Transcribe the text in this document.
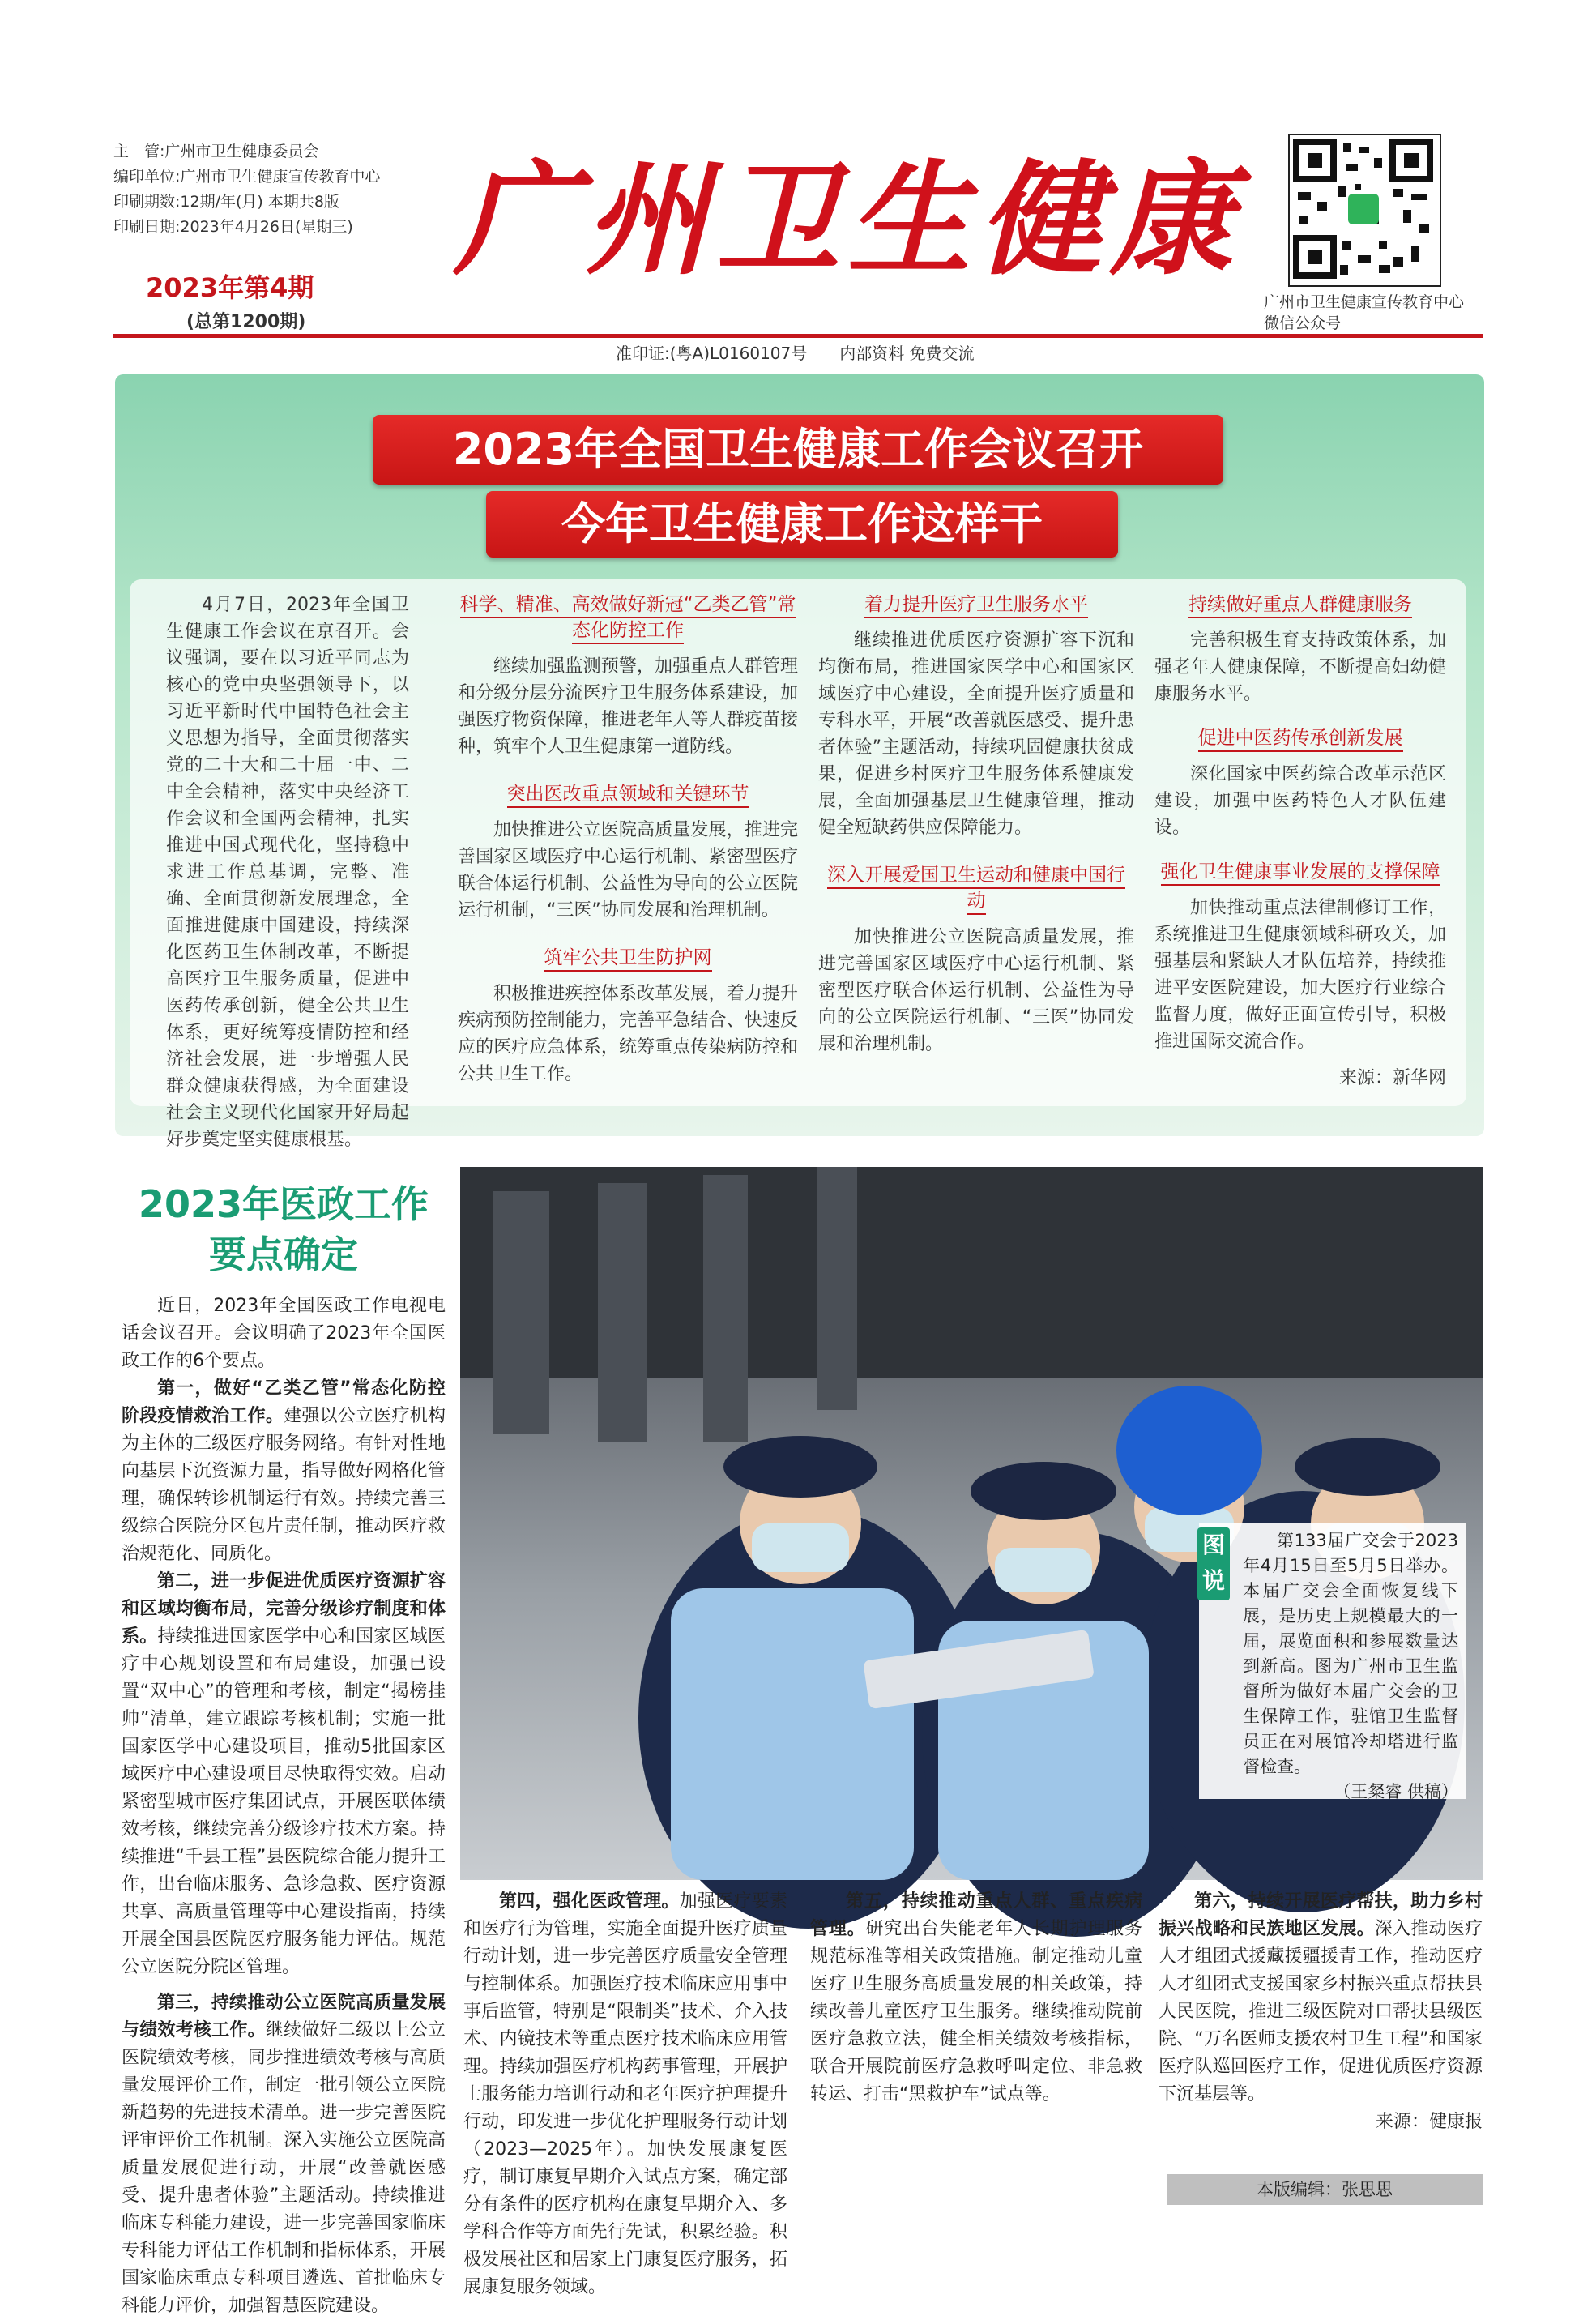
主　管:广州市卫生健康委员会
编印单位:广州市卫生健康宣传教育中心
印刷期数:12期/年(月) 本期共8版
印刷日期:2023年4月26日(星期三)
2023年第4期
(总第1200期)
广州卫生健康
广州市卫生健康宣传教育中心微信公众号
准印证:(粤A)L0160107号　　内部资料 免费交流
2023年全国卫生健康工作会议召开
今年卫生健康工作这样干

4月7日，2023年全国卫生健康工作会议在京召开。会议强调，要在以习近平同志为核心的党中央坚强领导下，以习近平新时代中国特色社会主义思想为指导，全面贯彻落实党的二十大和二十届一中、二中全会精神，落实中央经济工作会议和全国两会精神，扎实推进中国式现代化，坚持稳中求进工作总基调，完整、准确、全面贯彻新发展理念，全面推进健康中国建设，持续深化医药卫生体制改革，不断提高医疗卫生服务质量，促进中医药传承创新，健全公共卫生体系，更好统筹疫情防控和经济社会发展，进一步增强人民群众健康获得感，为全面建设社会主义现代化国家开好局起好步奠定坚实健康根基。

科学、精准、高效做好新冠“乙类乙管”常态化防控工作

继续加强监测预警，加强重点人群管理和分级分层分流医疗卫生服务体系建设，加强医疗物资保障，推进老年人等人群疫苗接种，筑牢个人卫生健康第一道防线。

突出医改重点领域和关键环节

加快推进公立医院高质量发展，推进完善国家区域医疗中心运行机制、紧密型医疗联合体运行机制、公益性为导向的公立医院运行机制，“三医”协同发展和治理机制。

筑牢公共卫生防护网

积极推进疾控体系改革发展，着力提升疾病预防控制能力，完善平急结合、快速反应的医疗应急体系，统筹重点传染病防控和公共卫生工作。

着力提升医疗卫生服务水平

继续推进优质医疗资源扩容下沉和均衡布局，推进国家医学中心和国家区域医疗中心建设，全面提升医疗质量和专科水平，开展“改善就医感受、提升患者体验”主题活动，持续巩固健康扶贫成果，促进乡村医疗卫生服务体系健康发展，全面加强基层卫生健康管理，推动健全短缺药供应保障能力。

深入开展爱国卫生运动和健康中国行动

加快推进公立医院高质量发展，推进完善国家区域医疗中心运行机制、紧密型医疗联合体运行机制、公益性为导向的公立医院运行机制、“三医”协同发展和治理机制。

持续做好重点人群健康服务

完善积极生育支持政策体系，加强老年人健康保障，不断提高妇幼健康服务水平。

促进中医药传承创新发展

深化国家中医药综合改革示范区建设，加强中医药特色人才队伍建设。

强化卫生健康事业发展的支撑保障

加快推动重点法律制修订工作，系统推进卫生健康领域科研攻关，加强基层和紧缺人才队伍培养，持续推进平安医院建设，加大医疗行业综合监督力度，做好正面宣传引导，积极推进国际交流合作。

来源：新华网
2023年医政工作
要点确定
第133届广交会于2023年4月15日至5月5日举办。本届广交会全面恢复线下展，是历史上规模最大的一届，展览面积和参展数量达到新高。图为广州市卫生监督所为做好本届广交会的卫生保障工作，驻馆卫生监督员正在对展馆冷却塔进行监督检查。
（王粲睿 供稿）
图说

近日，2023年全国医政工作电视电话会议召开。会议明确了2023年全国医政工作的6个要点。

第一，做好“乙类乙管”常态化防控阶段疫情救治工作。建强以公立医疗机构为主体的三级医疗服务网络。有针对性地向基层下沉资源力量，指导做好网格化管理，确保转诊机制运行有效。持续完善三级综合医院分区包片责任制，推动医疗救治规范化、同质化。

第二，进一步促进优质医疗资源扩容和区域均衡布局，完善分级诊疗制度和体系。持续推进国家医学中心和国家区域医疗中心规划设置和布局建设，加强已设置“双中心”的管理和考核，制定“揭榜挂帅”清单，建立跟踪考核机制；实施一批国家医学中心建设项目，推动5批国家区域医疗中心建设项目尽快取得实效。启动紧密型城市医疗集团试点，开展医联体绩效考核，继续完善分级诊疗技术方案。持续推进“千县工程”县医院综合能力提升工作，出台临床服务、急诊急救、医疗资源共享、高质量管理等中心建设指南，持续开展全国县医院医疗服务能力评估。规范公立医院分院区管理。

第三，持续推动公立医院高质量发展与绩效考核工作。继续做好二级以上公立医院绩效考核，同步推进绩效考核与高质量发展评价工作，制定一批引领公立医院新趋势的先进技术清单。进一步完善医院评审评价工作机制。深入实施公立医院高质量发展促进行动，开展“改善就医感受、提升患者体验”主题活动。持续推进临床专科能力建设，进一步完善国家临床专科能力评估工作机制和指标体系，开展国家临床重点专科项目遴选、首批临床专科能力评价，加强智慧医院建设。

第四，强化医政管理。加强医疗要素和医疗行为管理，实施全面提升医疗质量行动计划，进一步完善医疗质量安全管理与控制体系。加强医疗技术临床应用事中事后监管，特别是“限制类”技术、介入技术、内镜技术等重点医疗技术临床应用管理。持续加强医疗机构药事管理，开展护士服务能力培训行动和老年医疗护理提升行动，印发进一步优化护理服务行动计划（2023—2025年）。加快发展康复医疗，制订康复早期介入试点方案，确定部分有条件的医疗机构在康复早期介入、多学科合作等方面先行先试，积累经验。积极发展社区和居家上门康复医疗服务，拓展康复服务领域。

第五，持续推动重点人群、重点疾病管理。研究出台失能老年人长期护理服务规范标准等相关政策措施。制定推动儿童医疗卫生服务高质量发展的相关政策，持续改善儿童医疗卫生服务。继续推动院前医疗急救立法，健全相关绩效考核指标，联合开展院前医疗急救呼叫定位、非急救转运、打击“黑救护车”试点等。

第六，持续开展医疗帮扶，助力乡村振兴战略和民族地区发展。深入推动医疗人才组团式援藏援疆援青工作，推动医疗人才组团式支援国家乡村振兴重点帮扶县人民医院，推进三级医院对口帮扶县级医院、“万名医师支援农村卫生工程”和国家医疗队巡回医疗工作，促进优质医疗资源下沉基层等。

来源：健康报
本版编辑：张思思
